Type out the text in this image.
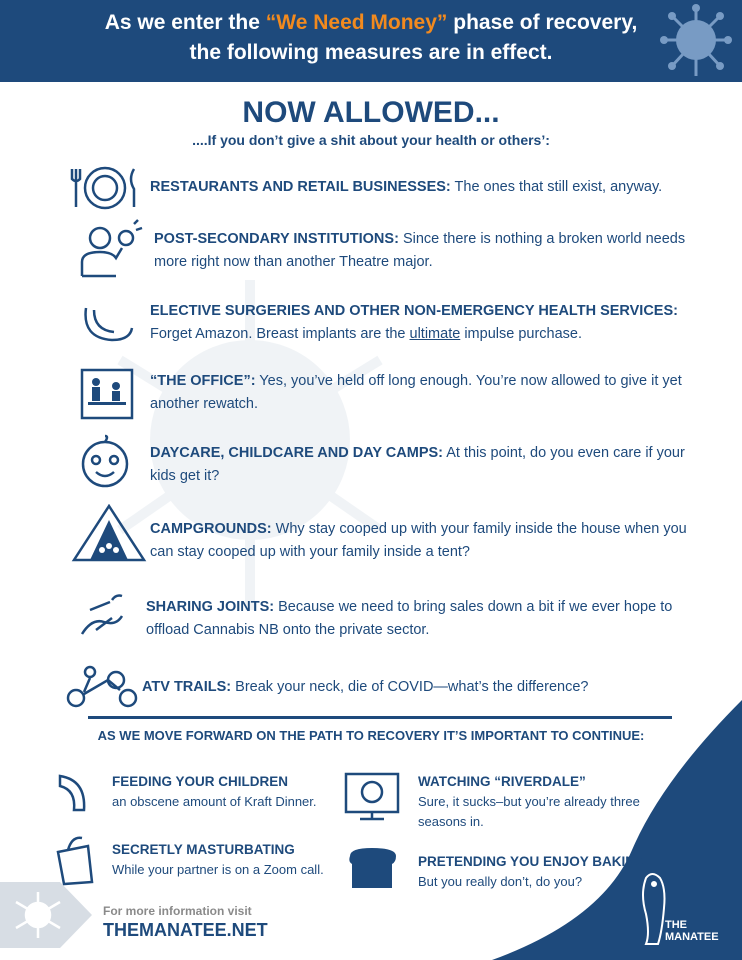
As we enter the “We Need Money” phase of recovery,
the following measures are in effect.
NOW ALLOWED...
....If you don’t give a shit about your health or others’:
RESTAURANTS AND RETAIL BUSINESSES: The ones that still exist, anyway.
POST-SECONDARY INSTITUTIONS: Since there is nothing a broken world needs more right now than another Theatre major.
ELECTIVE SURGERIES AND OTHER NON-EMERGENCY HEALTH SERVICES: Forget Amazon. Breast implants are the ultimate impulse purchase.
“THE OFFICE”: Yes, you’ve held off long enough. You’re now allowed to give it yet another rewatch.
DAYCARE, CHILDCARE AND DAY CAMPS: At this point, do you even care if your kids get it?
CAMPGROUNDS: Why stay cooped up with your family inside the house when you can stay cooped up with your family inside a tent?
SHARING JOINTS: Because we need to bring sales down a bit if we ever hope to offload Cannabis NB onto the private sector.
ATV TRAILS: Break your neck, die of COVID—what’s the difference?
AS WE MOVE FORWARD ON THE PATH TO RECOVERY IT’S IMPORTANT TO CONTINUE:
FEEDING YOUR CHILDREN
an obscene amount of Kraft Dinner.
WATCHING “RIVERDALE”
Sure, it sucks–but you’re already three
seasons in.
SECRETLY MASTURBATING
While your partner is on a Zoom call.
PRETENDING YOU ENJOY BAKING
But you really don’t, do you?
For more information visit
THEMANATEE.NET	THE MANATEE
